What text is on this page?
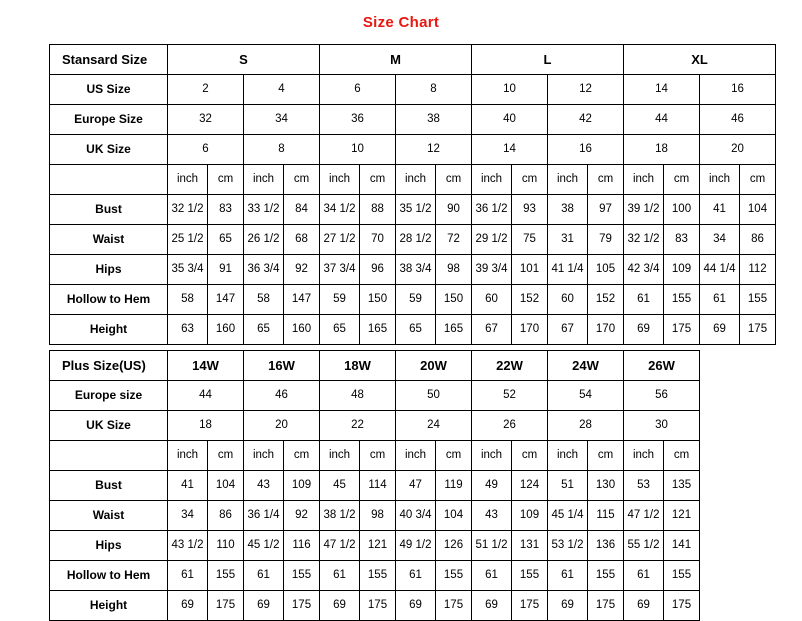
Size Chart
Stansard Size	S				M				L				XL			
US Size	2		4		6		8		10		12		14		16	
Europe Size	32		34		36		38		40		42		44		46	
UK Size	6		8		10		12		14		16		18		20	
	inch	cm	inch	cm	inch	cm	inch	cm	inch	cm	inch	cm	inch	cm	inch	cm
Bust	32 1/2	83	33 1/2	84	34 1/2	88	35 1/2	90	36 1/2	93	38	97	39 1/2	100	41	104
Waist	25 1/2	65	26 1/2	68	27 1/2	70	28 1/2	72	29 1/2	75	31	79	32 1/2	83	34	86
Hips	35 3/4	91	36 3/4	92	37 3/4	96	38 3/4	98	39 3/4	101	41 1/4	105	42 3/4	109	44 1/4	112
Hollow to Hem	58	147	58	147	59	150	59	150	60	152	60	152	61	155	61	155
Height	63	160	65	160	65	165	65	165	67	170	67	170	69	175	69	175
Plus Size(US)	14W		16W		18W		20W		22W		24W		26W		
Europe size	44		46		48		50		52		54		56		
UK Size	18		20		22		24		26		28		30		
	inch	cm	inch	cm	inch	cm	inch	cm	inch	cm	inch	cm	inch	cm	
Bust	41	104	43	109	45	114	47	119	49	124	51	130	53	135	
Waist	34	86	36 1/4	92	38 1/2	98	40 3/4	104	43	109	45 1/4	115	47 1/2	121	
Hips	43 1/2	110	45 1/2	116	47 1/2	121	49 1/2	126	51 1/2	131	53 1/2	136	55 1/2	141	
Hollow to Hem	61	155	61	155	61	155	61	155	61	155	61	155	61	155	
Height	69	175	69	175	69	175	69	175	69	175	69	175	69	175	
